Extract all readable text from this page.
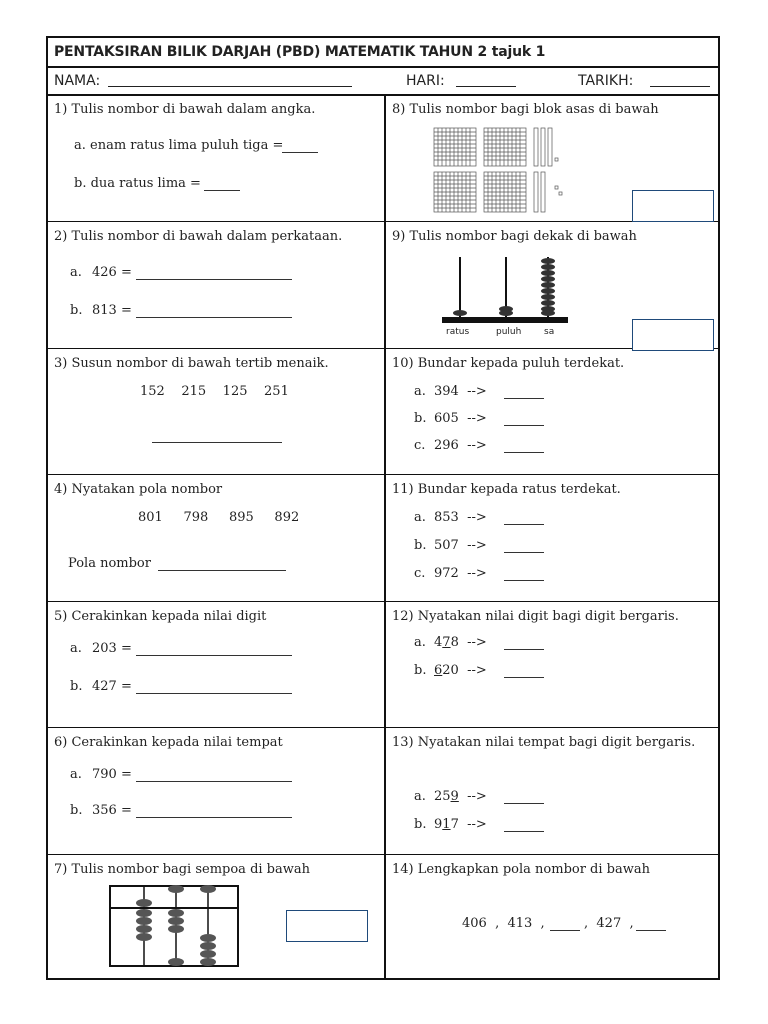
PENTAKSIRAN BILIK DARJAH (PBD) MATEMATIK TAHUN 2 tajuk 1
NAMA:	HARI:	TARIKH:
1) Tulis nombor di bawah dalam angka.
a. enam ratus lima puluh tiga =
b. dua ratus lima =
8) Tulis nombor bagi blok asas di bawah
2) Tulis nombor di bawah dalam perkataan.
a. 426 =
b. 813 =
9) Tulis nombor bagi dekak di bawah
ratus	puluh	sa
3) Susun nombor di bawah tertib menaik.
152    215    125    251
10) Bundar kepada puluh terdekat.
a. 394  -->
b. 605  -->
c. 296  -->
4) Nyatakan pola nombor
801     798     895     892
Pola nombor
11) Bundar kepada ratus terdekat.
a. 853  -->
b. 507  -->
c. 972  -->
5) Cerakinkan kepada nilai digit
a. 203 =
b. 427 =
12) Nyatakan nilai digit bagi digit bergaris.
a. 478  -->
b. 620  -->
6) Cerakinkan kepada nilai tempat
a. 790 =
b. 356 =
13) Nyatakan nilai tempat bagi digit bergaris.
a. 259  -->
b. 917  -->
7) Tulis nombor bagi sempoa di bawah	14) Lengkapkan pola nombor di bawah
406  ,  413  ,	,  427  ,
